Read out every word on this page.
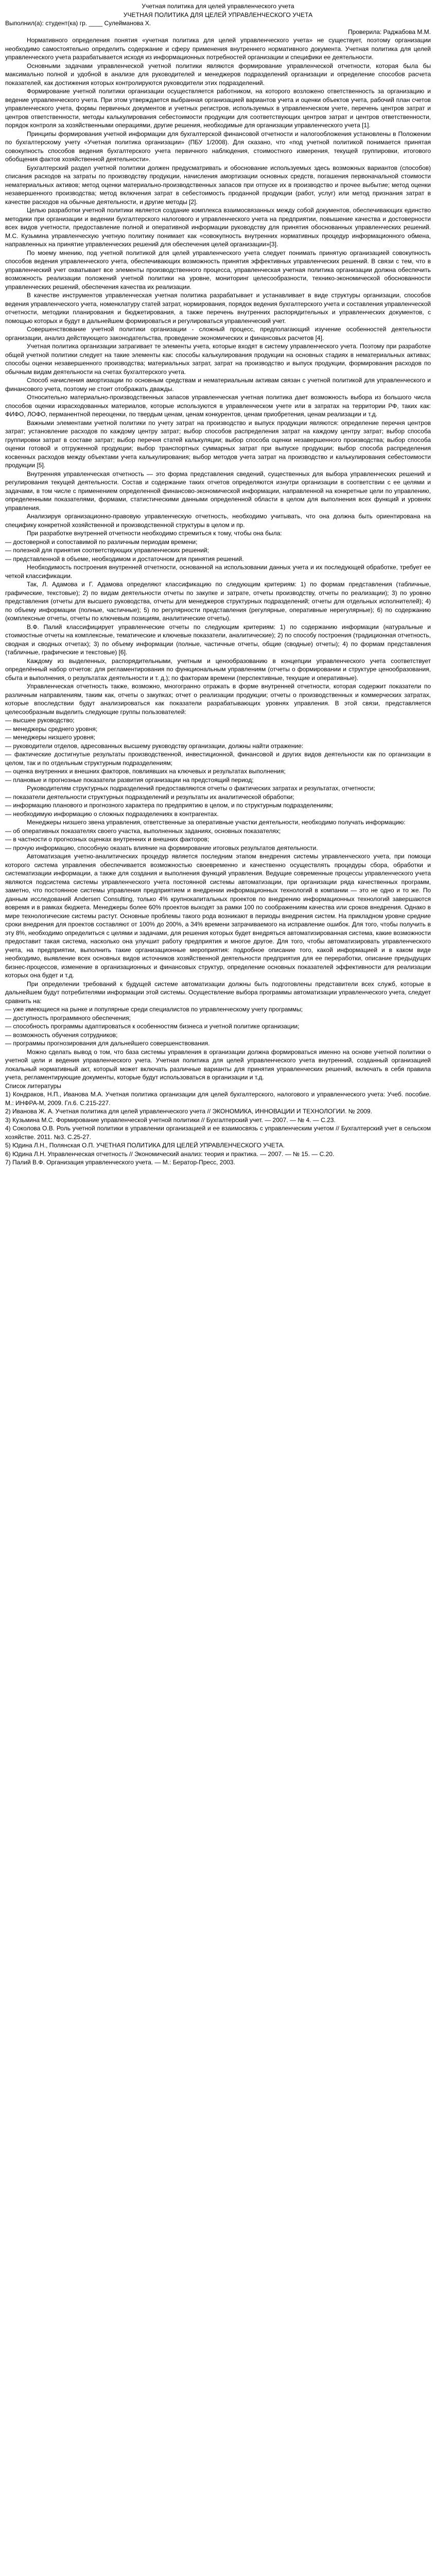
Учетная политика для целей управленческого учета
УЧЕТНАЯ ПОЛИТИКА ДЛЯ ЦЕЛЕЙ УПРАВЛЕНЧЕСКОГО УЧЕТА
Выполнил(а): студент(ка) гр. ____ Сулейманова Х.
Проверила: Раджабова М.М.

Нормативного определения понятия «учетная политика для целей управленческого учета» не существует, поэтому организации необходимо самостоятельно определить содержание и сферу применения внутреннего нормативного документа. Учетная политика для целей управленческого учета разрабатывается исходя из информационных потребностей организации и специфики ее деятельности.

Основными задачами управленческой учетной политики являются формирование управленческой отчетности, которая была бы максимально полной и удобной в анализе для руководителей и менеджеров подразделений организации и определение способов расчета показателей, как достижения которых контролируются руководители этих подразделений.

Формирование учетной политики организации осуществляется работником, на которого возложено ответственность за организацию и ведение управленческого учета. При этом утверждается выбранная организацией вариантов учета и оценки объектов учета, рабочий план счетов управленческого учета, формы первичных документов и учетных регистров, используемых в управленческом учете, перечень центров затрат и центров ответственности, методы калькулирования себестоимости продукции для соответствующих центров затрат и центров ответственности, порядок контроля за хозяйственными операциями, другие решения, необходимые для организации управленческого учета [1].

Принципы формирования учетной информации для бухгалтерской финансовой отчетности и налогообложения установлены в Положении по бухгалтерскому учету «Учетная политика организации» (ПБУ 1/2008). Для сказано, что «под учетной политикой понимается принятая совокупность способов ведения бухгалтерского учета первичного наблюдения, стоимостного измерения, текущей группировки, итогового обобщения фактов хозяйственной деятельности».

Бухгалтерский раздел учетной политики должен предусматривать и обоснование используемых здесь возможных вариантов (способов) списания расходов на затраты по производству продукции, начисления амортизации основных средств, погашения первоначальной стоимости нематериальных активов; метод оценки материально-производственных запасов при отпуске их в производство и прочее выбытие; метод оценки незавершенного производства; метод включения затрат в себестоимость проданной продукции (работ, услуг) или метод признания затрат в качестве расходов на обычные деятельности, и другие методы [2].

Целью разработки учетной политики является создание комплекса взаимосвязанных между собой документов, обеспечивающих единство методики при организации и ведении бухгалтерского налогового и управленческого учета на предприятии, повышение качества и достоверности всех видов учетности, предоставление полной и оперативной информации руководству для принятия обоснованных управленческих решений. М.С. Кузьмина управленческую учетную политику понимает как «совокупность внутренних нормативных процедур информационного обмена, направленных на принятие управленческих решений для обеспечения целей организации»[3].

По моему мнению, под учетной политикой для целей управленческого учета следует понимать принятую организацией совокупность способов ведения управленческого учета, обеспечивающих возможность принятия эффективных управленческих решений. В связи с тем, что в управленческий учет охватывает все элементы производственного процесса, управленческая учетная политика организации должна обеспечить возможность реализации положений учетной политики на уровне, мониторинг целесообразности, технико-экономической обоснованности управленческих решений, обеспечения качества их реализации.

В качестве инструментов управленческая учетная политика разрабатывает и устанавливает в виде структуры организации, способов ведения управленческого учета, номенклатуру статей затрат, нормирования, порядок ведения бухгалтерского учета и составления управленческой отчетности, методики планирования и бюджетирования, а также перечень внутренних распорядительных и управленческих документов, с помощью которых и будут в дальнейшем формироваться и регулироваться управленческий учет.

Совершенствование учетной политики организации - сложный процесс, предполагающий изучение особенностей деятельности организации, анализ действующего законодательства, проведение экономических и финансовых расчетов [4].

Учетная политика организации затрагивает те элементы учета, которые входят в систему управленческого учета. Поэтому при разработке общей учетной политики следует на такие элементы как: способы калькулирования продукции на основных стадиях в нематериальных активах; способы оценки незавершенного производства; материальных затрат, затрат на производство и выпуск продукции, формирования расходов по обычным видам деятельности на счетах бухгалтерского учета.

Способ начисления амортизации по основным средствам и нематериальным активам связан с учетной политикой для управленческого и финансового учета, поэтому не стоит отображать дважды.

Относительно материально-производственных запасов управленческая учетная политика дает возможность выбора из большого числа способов оценки израсходованных материалов, которые используются в управленческом учете или в затратах на территории РФ, таких как: ФИФО, ЛОФО, перманентной переоценки, по твердым ценам, ценам конкурентов, ценам приобретения, ценам реализации и т.д.

Важными элементами учетной политики по учету затрат на производство и выпуск продукции являются: определение перечня центров затрат; установление расходов по каждому центру затрат; выбор способов распределения затрат на каждому центру затрат; выбор способа группировки затрат в составе затрат; выбор перечня статей калькуляции; выбор способа оценки незавершенного производства; выбор способа оценки готовой и отгруженной продукции; выбор транспортных суммарных затрат при выпуске продукции; выбор способа распределения косвенных расходов между объектами учета калькулирования; выбор методов учета затрат на производство и калькулирования себестоимости продукции [5].

Внутренняя управленческая отчетность — это форма представления сведений, существенных для выбора управленческих решений и регулирования текущей деятельности. Состав и содержание таких отчетов определяются изнутри организации в соответствии с ее целями и задачами, в том числе с применением определенной финансово-экономической информации, направленной на конкретные цели по управлению, определенными показателями, формами, статистическими данными определенной области в целом для выполнения всех функций и уровнях управления.

Анализируя организационно-правовую управленческую отчетность, необходимо учитывать, что она должна быть ориентирована на специфику конкретной хозяйственной и производственной структуры в целом и пр.

При разработке внутренней отчетности необходимо стремиться к тому, чтобы она была:

— достоверной и сопоставимой по различным периодам времени;

— полезной для принятия соответствующих управленческих решений;

— представленной в объеме, необходимом и достаточном для принятия решений.

Необходимость построения внутренней отчетности, основанной на использовании данных учета и их последующей обработке, требует ее четкой классификации.

Так, Л. Адамова и Г. Адамова определяют классификацию по следующим критериям: 1) по формам представления (табличные, графические, текстовые); 2) по видам деятельности отчеты по закупке и затрате, отчеты производству, отчеты по реализации); 3) по уровню представления (отчеты для высшего руководства, отчеты для менеджеров структурных подразделений; отчеты для отдельных исполнителей); 4) по объему информации (полные, частичные); 5) по регулярности представления (регулярные, оперативные нерегулярные); 6) по содержанию (комплексные отчеты, отчеты по ключевым позициям, аналитические отчеты).

В.Ф. Палий классифицирует управленческие отчеты по следующим критериям: 1) по содержанию информации (натуральные и стоимостные отчеты на комплексные, тематические и ключевые показатели, аналитические); 2) по способу построения (традиционная отчетность, сводная и сводных отчетах); 3) по объему информации (полные, частичные отчеты, общие (сводные) отчеты); 4) по формам представления (табличные, графические и текстовые) [6].

Каждому из выделенных, распорядительными, учетным и ценообразованию в концепции управленческого учета соответствует определённый набор отчетов: для регламентирования по функциональным управлениям (отчеты о формировании и структуре ценообразования, сбыта и выполнения, о результатах деятельности и т. д.); по факторам времени (перспективные, текущие и оперативные).

Управленческая отчетность также, возможно, многогранно отражать в форме внутренней отчетности, которая содержит показатели по различным направлениям, таким как, отчеты о закупках; отчет о реализации продукции; отчеты о производственных и коммерческих затратах, которые впоследствии будут анализироваться как показатели разрабатывающих уровнях управления. В этой связи, представляется целесообразным выделить следующие группы пользователей:

— высшее руководство;

— менеджеры среднего уровня;

— менеджеры низшего уровня;

— руководители отделов, адресованных высшему руководству организации, должны найти отражение:

— фактические достигнутые результаты производственной, инвестиционной, финансовой и других видов деятельности как по организации в целом, так и по отдельным структурным подразделениям;

— оценка внутренних и внешних факторов, повлиявших на ключевых и результатах выполнения;

— плановые и прогнозные показатели развития организации на предстоящий период;

Руководителям структурных подразделений предоставляются отчеты о фактических затратах и результатах, отчетности;

— показатели деятельности структурных подразделений и результаты их аналитической обработки;

— информацию планового и прогнозного характера по предприятию в целом, и по структурным подразделениям;

— необходимую информацию о сложных подразделениях в контрагентах.

Менеджеры низшего звена управления, ответственные за оперативные участки деятельности, необходимо получать информацию:

— об оперативных показателях своего участка, выполненных заданиях, основных показателях;

— в частности о прогнозных оценках внутренних и внешних факторов;

— прочую информацию, способную оказать влияние на формирование итоговых результатов деятельности.

Автоматизация учетно-аналитических процедур является последним этапом внедрения системы управленческого учета, при помощи которого система управления обеспечивается возможностью своевременно и качественно осуществлять процедуры сбора, обработки и систематизации информации, а также для создания и выполнения функций управления. Ведущие современные процессы управленческого учета являются подсистема системы управленческого учета постоянной системы автоматизации, при организации ряда качественных программ, заметно, что постоянное системы управления предприятием и внедрении информационных технологий в компании — это не одно и то же. По данным исследований Andersen Consulting, только 4% крупнокапитальных проектов по внедрению информационных технологий завершаются вовремя и в рамках бюджета. Менеджеры более 60% проектов выходят за рамки 100 по соображениям качества или сроков внедрения. Однако в мире технологические системы растут. Основные проблемы такого рода возникают в периоды внедрения систем. На прикладном уровне средние сроки внедрения для проектов составляют от 100% до 200%, а 34% времени затрачиваемого на исправление ошибок. Для того, чтобы получить в эту 8%, необходимо определиться с целями и задачами, для решения которых будет внедряться автоматизированная система, какие возможности предоставит такая система, насколько она улучшит работу предприятия и многое другое. Для того, чтобы автоматизировать управленческого учета, на предприятии, выполнить такие организационные мероприятия: подробное описание того, какой информацией и в каком виде необходимо, выявление всех основных видов источников хозяйственной деятельности предприятия для ее переработки, описание предыдущих бизнес-процессов, изменение в организационных и финансовых структур, определение основных показателей эффективности для реализации которых она будет и т.д.

При определении требований к будущей системе автоматизации должны быть подготовлены представители всех служб, которые в дальнейшем будут потребителями информации этой системы. Осуществление выбора программы автоматизации управленческого учета, следует сравнить на:

— уже имеющиеся на рынке и популярные среди специалистов по управленческому учету программы;

— доступность программного обеспечения;

— способность программы адаптироваться к особенностям бизнеса и учетной политике организации;

— возможность обучения сотрудников;

— программы прогнозирования для дальнейшего совершенствования.

Можно сделать вывод о том, что база системы управления в организации должна формироваться именно на основе учетной политики о учетной цели и ведения управленческого учета. Учетная политика для целей управленческого учета внутренний, созданный организацией локальный нормативный акт, который может включать различные варианты для принятия управленческих решений, включать в себя правила учета, регламентирующие документы, которые будут использоваться в организации и т.д.

Список литературы

1) Кондраков, Н.П., Иванова М.А. Учетная политика организации для целей бухгалтерского, налогового и управленческого учета: Учеб. пособие. М.: ИНФРА-М, 2009. Гл.6. С.215-227.

2) Иванова Ж. А. Учетная политика для целей управленческого учета // ЭКОНОМИКА, ИННОВАЦИИ И ТЕХНОЛОГИИ. № 2009.

3) Кузьмина М.С. Формирование управленческой учетной политики // Бухгалтерский учет. — 2007. — № 4. — С.23.

4) Соколова О.В. Роль учетной политики в управлении организацией и ее взаимосвязь с управленческим учетом // Бухгалтерский учет в сельском хозяйстве. 2011. №3. С.25-27.

5) Юдина Л.Н., Полянская О.П. УЧЕТНАЯ ПОЛИТИКА ДЛЯ ЦЕЛЕЙ УПРАВЛЕНЧЕСКОГО УЧЕТА.

6) Юдина Л.Н. Управленческая отчетность // Экономический анализ: теория и практика. — 2007. — № 15. — С.20.

7) Палий В.Ф. Организация управленческого учета. — М.: Бератор-Пресс, 2003.
